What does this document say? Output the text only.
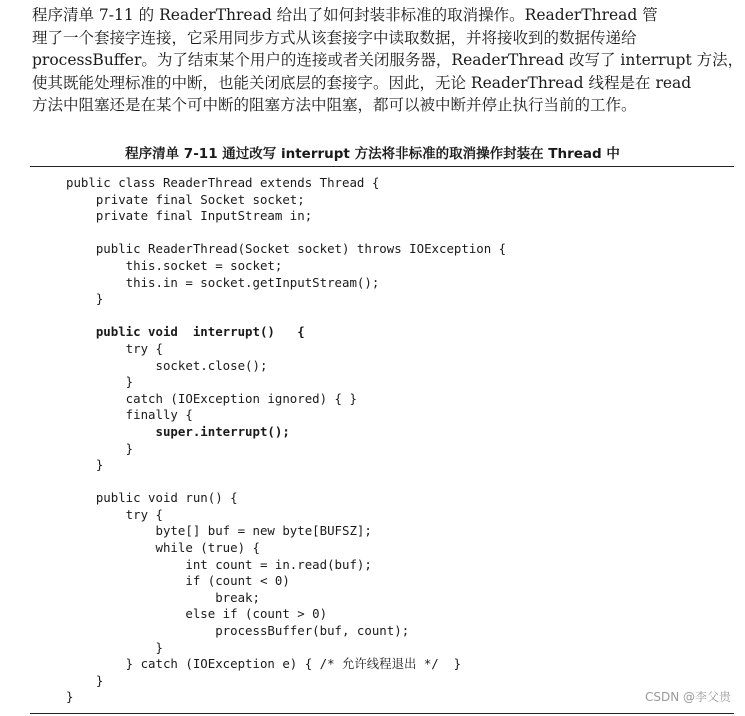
程序清单 7-11 的 ReaderThread 给出了如何封装非标准的取消操作。ReaderThread 管
理了一个套接字连接，它采用同步方式从该套接字中读取数据，并将接收到的数据传递给
processBuffer。为了结束某个用户的连接或者关闭服务器，ReaderThread 改写了 interrupt 方法，
使其既能处理标准的中断，也能关闭底层的套接字。因此，无论 ReaderThread 线程是在 read
方法中阻塞还是在某个可中断的阻塞方法中阻塞，都可以被中断并停止执行当前的工作。
程序清单 7-11 通过改写 interrupt 方法将非标准的取消操作封装在 Thread 中
public class ReaderThread extends Thread {
private final Socket socket;
private final InputStream in;
public ReaderThread(Socket socket) throws IOException {
this.socket = socket;
this.in = socket.getInputStream();
}
public void  interrupt()   {
try {
socket.close();
}
catch (IOException ignored) { }
finally {
super.interrupt();
}
}
public void run() {
try {
byte[] buf = new byte[BUFSZ];
while (true) {
int count = in.read(buf);
if (count < 0)
break;
else if (count > 0)
processBuffer(buf, count);
}
} catch (IOException e) { /* 允许线程退出 */  }
}
}	CSDN @李父贵
